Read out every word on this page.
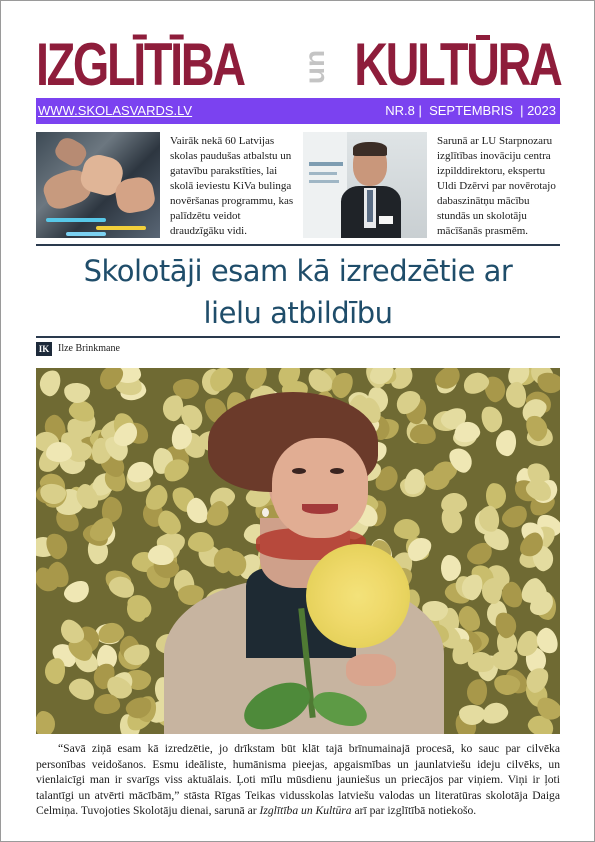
IZGLĪTĪBA un KULTŪRA
WWW.SKOLASVARDS.LV	NR.8 |  SEPTEMBRIS  | 2023
Vairāk nekā 60 Latvijas skolas paudušas atbalstu un gatavību parakstīties, lai skolā ieviestu KiVa bulinga novēršanas programmu, kas palīdzētu veidot draudzīgāku vidi.
Sarunā ar LU Starpnozaru izglītības inovāciju centra izpilddirektoru, ekspertu Uldi Dzērvi par novērotajo dabaszinātņu mācību stundās un skolotāju mācīšanās prasmēm.
Skolotāji esam kā izredzētie ar
lielu atbildību
IK Ilze Brinkmane
“Savā ziņā esam kā izredzētie, jo drīkstam būt klāt tajā brīnumainajā procesā, ko sauc par cilvēka personības veidošanos. Esmu ideāliste, humānisma pieejas, apgaismības un jaunlatviešu ideju cilvēks, un vienlaicīgi man ir svarīgs viss aktuālais. Ļoti mīlu mūsdienu jauniešus un priecājos par viņiem. Viņi ir ļoti talantīgi un atvērti mācībām,” stāsta Rīgas Teikas vidusskolas latviešu valodas un literatūras skolotāja Daiga Celmiņa. Tuvojoties Skolotāju dienai, sarunā ar Izglītība un Kultūra arī par izglītībā notiekošo.
